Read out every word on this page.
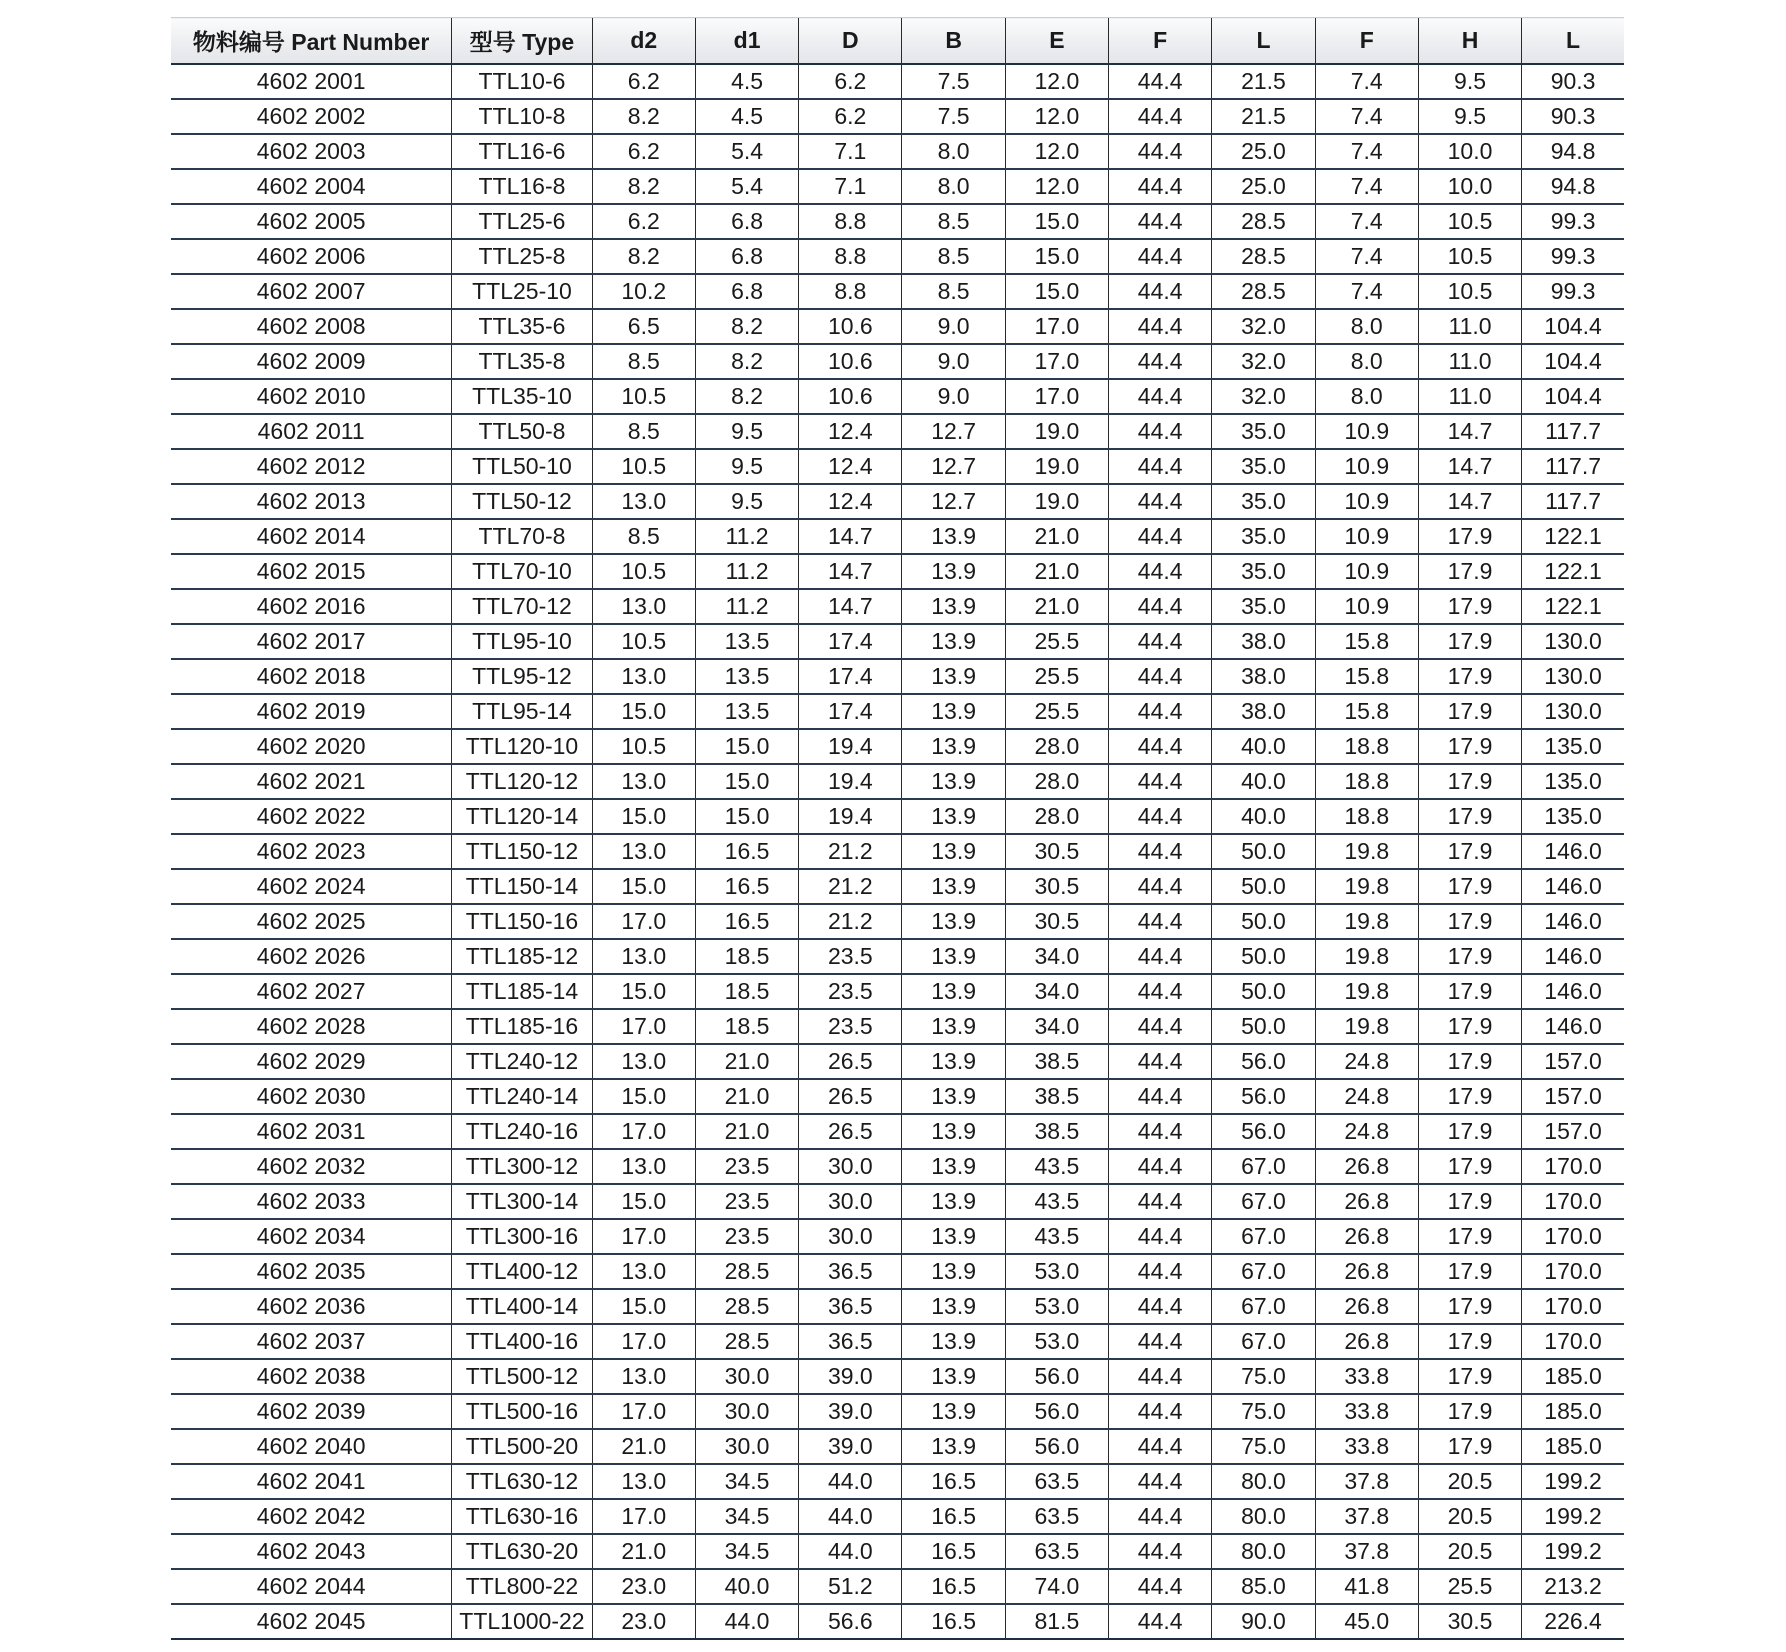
物料编号 Part Number	型号 Type	d2	d1	D	B	E	F	L	F	H	L
4602 2001	TTL10-6	6.2	4.5	6.2	7.5	12.0	44.4	21.5	7.4	9.5	90.3
4602 2002	TTL10-8	8.2	4.5	6.2	7.5	12.0	44.4	21.5	7.4	9.5	90.3
4602 2003	TTL16-6	6.2	5.4	7.1	8.0	12.0	44.4	25.0	7.4	10.0	94.8
4602 2004	TTL16-8	8.2	5.4	7.1	8.0	12.0	44.4	25.0	7.4	10.0	94.8
4602 2005	TTL25-6	6.2	6.8	8.8	8.5	15.0	44.4	28.5	7.4	10.5	99.3
4602 2006	TTL25-8	8.2	6.8	8.8	8.5	15.0	44.4	28.5	7.4	10.5	99.3
4602 2007	TTL25-10	10.2	6.8	8.8	8.5	15.0	44.4	28.5	7.4	10.5	99.3
4602 2008	TTL35-6	6.5	8.2	10.6	9.0	17.0	44.4	32.0	8.0	11.0	104.4
4602 2009	TTL35-8	8.5	8.2	10.6	9.0	17.0	44.4	32.0	8.0	11.0	104.4
4602 2010	TTL35-10	10.5	8.2	10.6	9.0	17.0	44.4	32.0	8.0	11.0	104.4
4602 2011	TTL50-8	8.5	9.5	12.4	12.7	19.0	44.4	35.0	10.9	14.7	117.7
4602 2012	TTL50-10	10.5	9.5	12.4	12.7	19.0	44.4	35.0	10.9	14.7	117.7
4602 2013	TTL50-12	13.0	9.5	12.4	12.7	19.0	44.4	35.0	10.9	14.7	117.7
4602 2014	TTL70-8	8.5	11.2	14.7	13.9	21.0	44.4	35.0	10.9	17.9	122.1
4602 2015	TTL70-10	10.5	11.2	14.7	13.9	21.0	44.4	35.0	10.9	17.9	122.1
4602 2016	TTL70-12	13.0	11.2	14.7	13.9	21.0	44.4	35.0	10.9	17.9	122.1
4602 2017	TTL95-10	10.5	13.5	17.4	13.9	25.5	44.4	38.0	15.8	17.9	130.0
4602 2018	TTL95-12	13.0	13.5	17.4	13.9	25.5	44.4	38.0	15.8	17.9	130.0
4602 2019	TTL95-14	15.0	13.5	17.4	13.9	25.5	44.4	38.0	15.8	17.9	130.0
4602 2020	TTL120-10	10.5	15.0	19.4	13.9	28.0	44.4	40.0	18.8	17.9	135.0
4602 2021	TTL120-12	13.0	15.0	19.4	13.9	28.0	44.4	40.0	18.8	17.9	135.0
4602 2022	TTL120-14	15.0	15.0	19.4	13.9	28.0	44.4	40.0	18.8	17.9	135.0
4602 2023	TTL150-12	13.0	16.5	21.2	13.9	30.5	44.4	50.0	19.8	17.9	146.0
4602 2024	TTL150-14	15.0	16.5	21.2	13.9	30.5	44.4	50.0	19.8	17.9	146.0
4602 2025	TTL150-16	17.0	16.5	21.2	13.9	30.5	44.4	50.0	19.8	17.9	146.0
4602 2026	TTL185-12	13.0	18.5	23.5	13.9	34.0	44.4	50.0	19.8	17.9	146.0
4602 2027	TTL185-14	15.0	18.5	23.5	13.9	34.0	44.4	50.0	19.8	17.9	146.0
4602 2028	TTL185-16	17.0	18.5	23.5	13.9	34.0	44.4	50.0	19.8	17.9	146.0
4602 2029	TTL240-12	13.0	21.0	26.5	13.9	38.5	44.4	56.0	24.8	17.9	157.0
4602 2030	TTL240-14	15.0	21.0	26.5	13.9	38.5	44.4	56.0	24.8	17.9	157.0
4602 2031	TTL240-16	17.0	21.0	26.5	13.9	38.5	44.4	56.0	24.8	17.9	157.0
4602 2032	TTL300-12	13.0	23.5	30.0	13.9	43.5	44.4	67.0	26.8	17.9	170.0
4602 2033	TTL300-14	15.0	23.5	30.0	13.9	43.5	44.4	67.0	26.8	17.9	170.0
4602 2034	TTL300-16	17.0	23.5	30.0	13.9	43.5	44.4	67.0	26.8	17.9	170.0
4602 2035	TTL400-12	13.0	28.5	36.5	13.9	53.0	44.4	67.0	26.8	17.9	170.0
4602 2036	TTL400-14	15.0	28.5	36.5	13.9	53.0	44.4	67.0	26.8	17.9	170.0
4602 2037	TTL400-16	17.0	28.5	36.5	13.9	53.0	44.4	67.0	26.8	17.9	170.0
4602 2038	TTL500-12	13.0	30.0	39.0	13.9	56.0	44.4	75.0	33.8	17.9	185.0
4602 2039	TTL500-16	17.0	30.0	39.0	13.9	56.0	44.4	75.0	33.8	17.9	185.0
4602 2040	TTL500-20	21.0	30.0	39.0	13.9	56.0	44.4	75.0	33.8	17.9	185.0
4602 2041	TTL630-12	13.0	34.5	44.0	16.5	63.5	44.4	80.0	37.8	20.5	199.2
4602 2042	TTL630-16	17.0	34.5	44.0	16.5	63.5	44.4	80.0	37.8	20.5	199.2
4602 2043	TTL630-20	21.0	34.5	44.0	16.5	63.5	44.4	80.0	37.8	20.5	199.2
4602 2044	TTL800-22	23.0	40.0	51.2	16.5	74.0	44.4	85.0	41.8	25.5	213.2
4602 2045	TTL1000-22	23.0	44.0	56.6	16.5	81.5	44.4	90.0	45.0	30.5	226.4
